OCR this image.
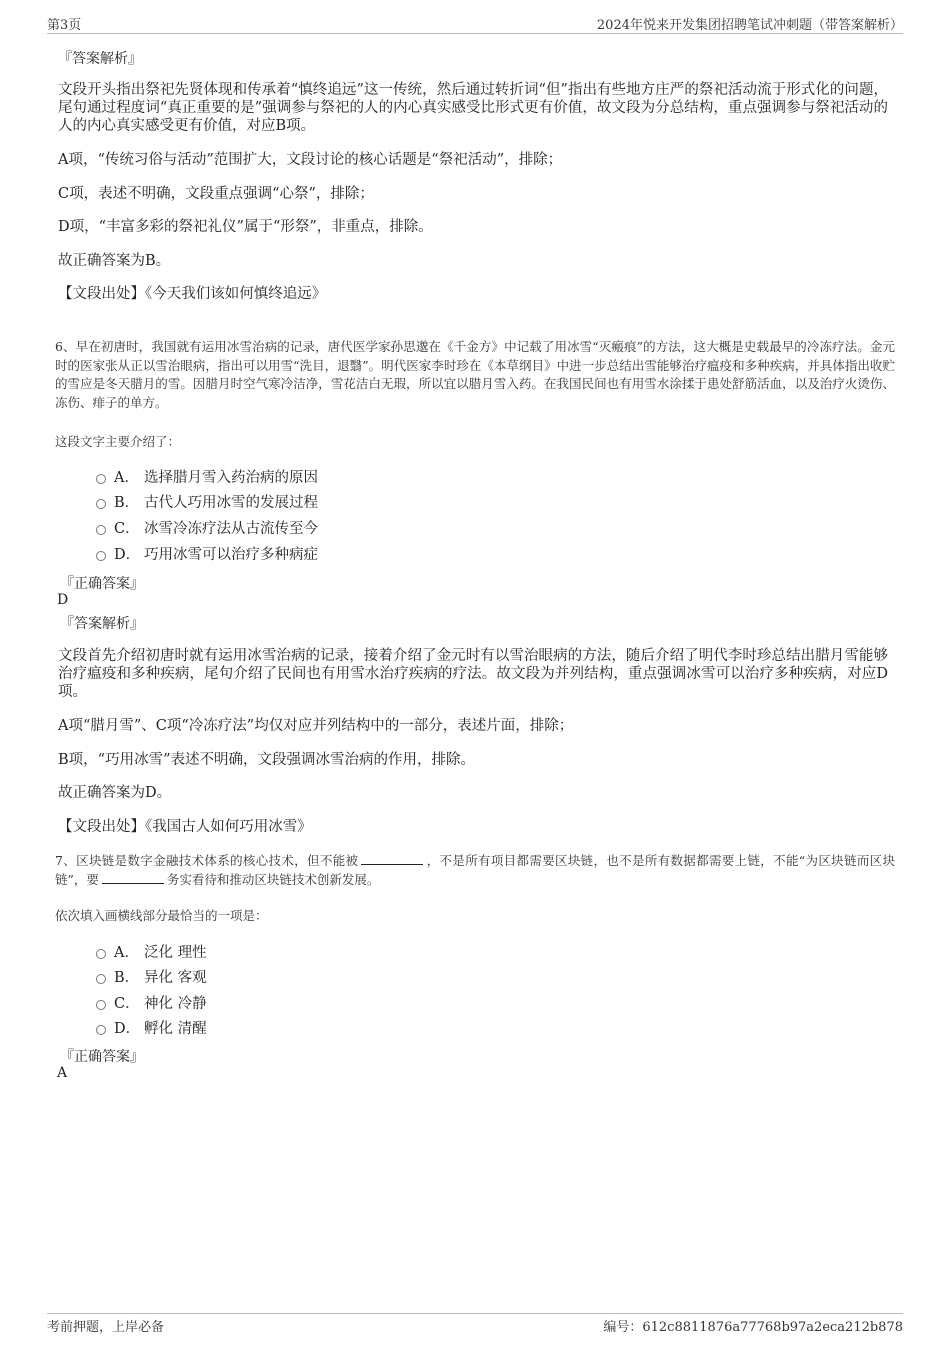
第3页	2024年悦来开发集团招聘笔试冲刺题（带答案解析）
『答案解析』
文段开头指出祭祀先贤体现和传承着“慎终追远”这一传统，然后通过转折词“但”指出有些地方庄严的祭祀活动流于形式化的问题，尾句通过程度词“真正重要的是”强调参与祭祀的人的内心真实感受比形式更有价值，故文段为分总结构，重点强调参与祭祀活动的人的内心真实感受更有价值，对应B项。
A项，“传统习俗与活动”范围扩大，文段讨论的核心话题是“祭祀活动”，排除；
C项，表述不明确，文段重点强调“心祭”，排除；
D项，“丰富多彩的祭祀礼仪”属于“形祭”，非重点，排除。
故正确答案为B。
【文段出处】《今天我们该如何慎终追远》
6、早在初唐时，我国就有运用冰雪治病的记录，唐代医学家孙思邈在《千金方》中记载了用冰雪“灭瘢痕”的方法，这大概是史载最早的冷冻疗法。金元时的医家张从正以雪治眼病，指出可以用雪“洗目，退翳”。明代医家李时珍在《本草纲目》中进一步总结出雪能够治疗瘟疫和多种疾病，并具体指出收贮的雪应是冬天腊月的雪。因腊月时空气寒冷洁净，雪花洁白无瑕，所以宜以腊月雪入药。在我国民间也有用雪水涂揉于患处舒筋活血，以及治疗火烫伤、冻伤、痱子的单方。
这段文字主要介绍了：
A． 选择腊月雪入药治病的原因
B． 古代人巧用冰雪的发展过程
C． 冰雪冷冻疗法从古流传至今
D． 巧用冰雪可以治疗多种病症
『正确答案』
D
『答案解析』
文段首先介绍初唐时就有运用冰雪治病的记录，接着介绍了金元时有以雪治眼病的方法，随后介绍了明代李时珍总结出腊月雪能够治疗瘟疫和多种疾病，尾句介绍了民间也有用雪水治疗疾病的疗法。故文段为并列结构，重点强调冰雪可以治疗多种疾病，对应D项。
A项“腊月雪”、C项“冷冻疗法”均仅对应并列结构中的一部分，表述片面，排除；
B项，“巧用冰雪”表述不明确，文段强调冰雪治病的作用，排除。
故正确答案为D。
【文段出处】《我国古人如何巧用冰雪》
7、区块链是数字金融技术体系的核心技术，但不能被	，不是所有项目都需要区块链，也不是所有数据都需要上链，不能“为区块链而区块链”，要	务实看待和推动区块链技术创新发展。
依次填入画横线部分最恰当的一项是：
A． 泛化 理性
B． 异化 客观
C． 神化 冷静
D． 孵化 清醒
『正确答案』
A
考前押题，上岸必备	编号：612c8811876a77768b97a2eca212b878
